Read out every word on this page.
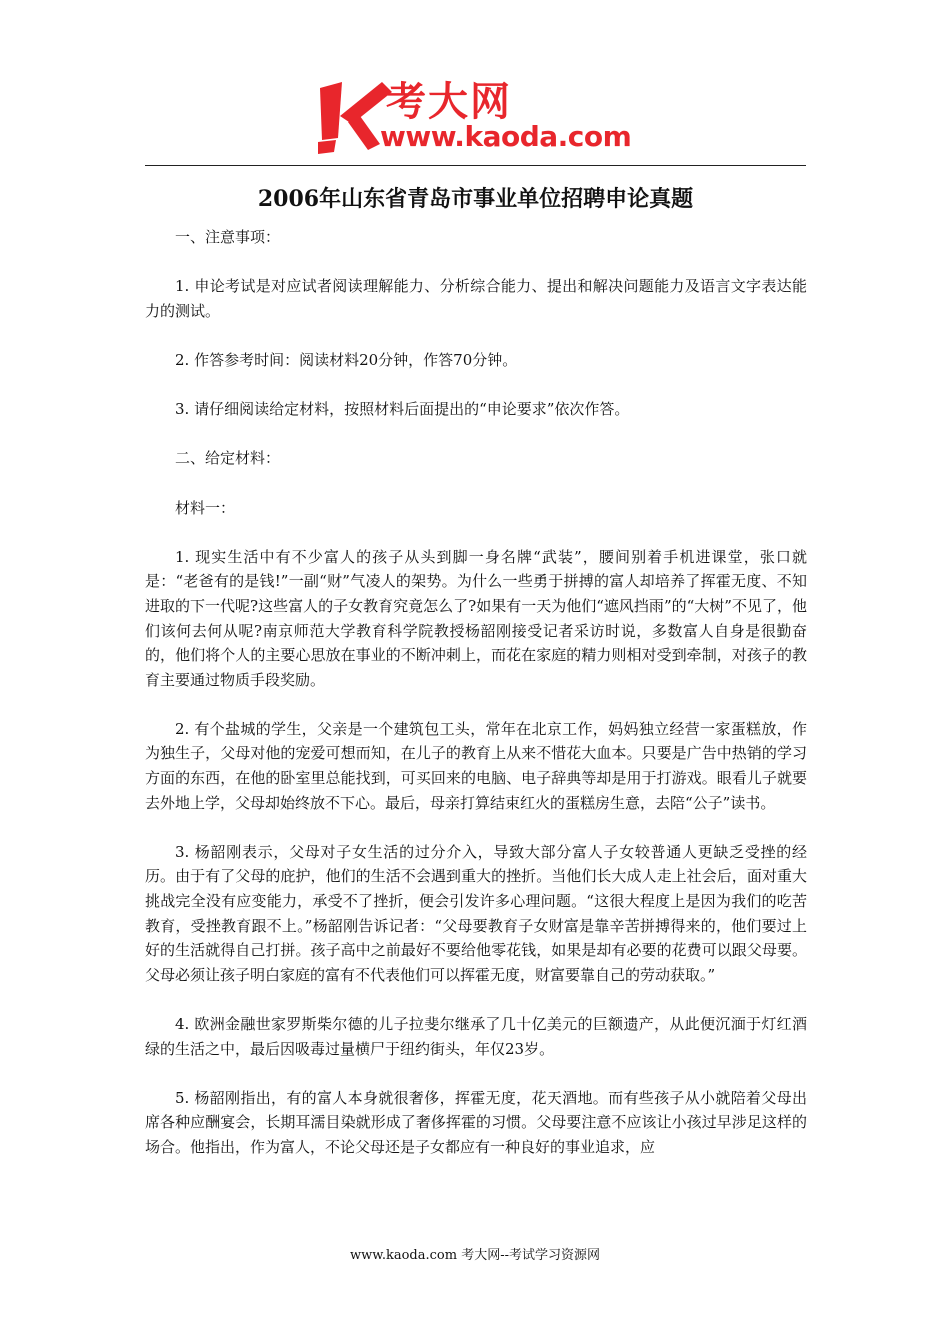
考大网
www.kaoda.com
2006年山东省青岛市事业单位招聘申论真题

一、注意事项：

1. 申论考试是对应试者阅读理解能力、分析综合能力、提出和解决问题能力及语言文字表达能力的测试。

2. 作答参考时间：阅读材料20分钟，作答70分钟。

3. 请仔细阅读给定材料，按照材料后面提出的“申论要求”依次作答。

二、给定材料：

材料一：

1. 现实生活中有不少富人的孩子从头到脚一身名牌“武装”，腰间别着手机进课堂，张口就是：“老爸有的是钱!”一副“财”气凌人的架势。为什么一些勇于拼搏的富人却培养了挥霍无度、不知进取的下一代呢?这些富人的子女教育究竟怎么了?如果有一天为他们“遮风挡雨”的“大树”不见了，他们该何去何从呢?南京师范大学教育科学院教授杨韶刚接受记者采访时说，多数富人自身是很勤奋的，他们将个人的主要心思放在事业的不断冲刺上，而花在家庭的精力则相对受到牵制，对孩子的教育主要通过物质手段奖励。

2. 有个盐城的学生，父亲是一个建筑包工头，常年在北京工作，妈妈独立经营一家蛋糕放，作为独生子，父母对他的宠爱可想而知，在儿子的教育上从来不惜花大血本。只要是广告中热销的学习方面的东西，在他的卧室里总能找到，可买回来的电脑、电子辞典等却是用于打游戏。眼看儿子就要去外地上学，父母却始终放不下心。最后，母亲打算结束红火的蛋糕房生意，去陪“公子”读书。

3. 杨韶刚表示，父母对子女生活的过分介入，导致大部分富人子女较普通人更缺乏受挫的经历。由于有了父母的庇护，他们的生活不会遇到重大的挫折。当他们长大成人走上社会后，面对重大挑战完全没有应变能力，承受不了挫折，便会引发许多心理问题。“这很大程度上是因为我们的吃苦教育，受挫教育跟不上。”杨韶刚告诉记者：“父母要教育子女财富是靠辛苦拼搏得来的，他们要过上好的生活就得自己打拼。孩子高中之前最好不要给他零花钱，如果是却有必要的花费可以跟父母要。父母必须让孩子明白家庭的富有不代表他们可以挥霍无度，财富要靠自己的劳动获取。”

4. 欧洲金融世家罗斯柴尔德的儿子拉斐尔继承了几十亿美元的巨额遗产，从此便沉湎于灯红酒绿的生活之中，最后因吸毒过量横尸于纽约街头，年仅23岁。

5. 杨韶刚指出，有的富人本身就很奢侈，挥霍无度，花天酒地。而有些孩子从小就陪着父母出席各种应酬宴会，长期耳濡目染就形成了奢侈挥霍的习惯。父母要注意不应该让小孩过早涉足这样的场合。他指出，作为富人，不论父母还是子女都应有一种良好的事业追求，应

www.kaoda.com 考大网--考试学习资源网
